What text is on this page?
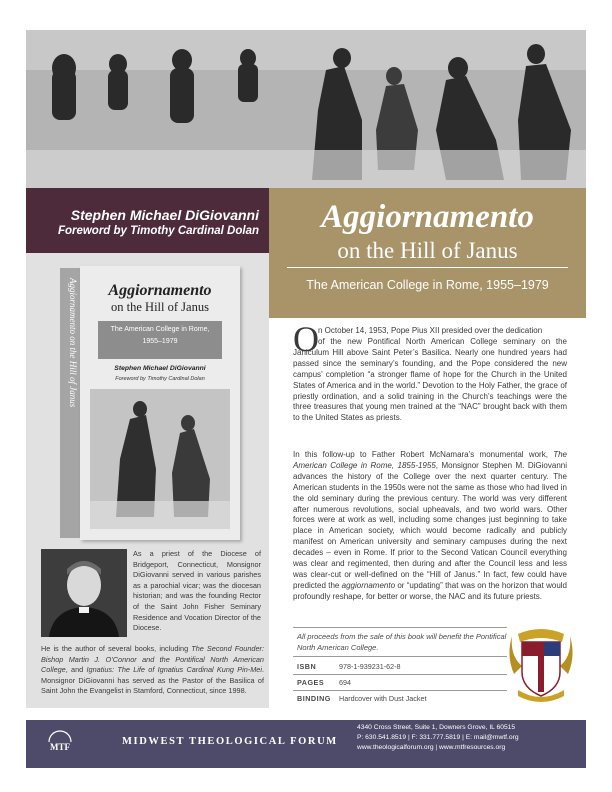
Stephen Michael DiGiovanni
Foreword by Timothy Cardinal Dolan	Aggiornamento
on the Hill of Janus
The American College in Rome, 1955–1979
Aggiornamento on the Hill of Janus	Aggiornamento
on the Hill of Janus
The American College in Rome,
1955–1979
Stephen Michael DiGiovanni
Foreword by Timothy Cardinal Dolan
As a priest of the Diocese of Bridgeport, Connecticut, Monsignor DiGiovanni served in various parishes as a parochial vicar; was the diocesan historian; and was the founding Rector of the Saint John Fisher Seminary Residence and Vocation Director of the Diocese.
He is the author of several books, including The Second Founder: Bishop Martin J. O’Connor and the Pontifical North American College, and Ignatius: The Life of Ignatius Cardinal Kung Pin-Mei. Monsignor DiGiovanni has served as the Pastor of the Basilica of Saint John the Evangelist in Stamford, Connecticut, since 1998.
O n October 14, 1953, Pope Pius XII presided over the dedication
of the new Pontifical North American College seminary on the Janiculum Hill above Saint Peter’s Basilica. Nearly one hundred years had passed since the seminary’s founding, and the Pope considered the new campus’ completion “a stronger flame of hope for the Church in the United States of America and in the world.” Devotion to the Holy Father, the grace of priestly ordination, and a solid training in the Church’s teachings were the three treasures that young men trained at the “NAC” brought back with them to the United States as priests.
In this follow-up to Father Robert McNamara’s monumental work, The American College in Rome, 1855-1955, Monsignor Stephen M. DiGiovanni advances the history of the College over the next quarter century. The American students in the 1950s were not the same as those who had lived in the old seminary during the previous century. The world was very different after numerous revolutions, social upheavals, and two world wars. Other forces were at work as well, including some changes just beginning to take place in American society, which would become radically and publicly manifest on American university and seminary campuses during the next decades – even in Rome. If prior to the Second Vatican Council everything was clear and regimented, then during and after the Council less and less was clear-cut or well-defined on the “Hill of Janus.” In fact, few could have predicted the aggiornamento or “updating” that was on the horizon that would profoundly reshape, for better or worse, the NAC and its future priests.
All proceeds from the sale of this book will benefit the Pontifical North American College.
ISBN	978-1-939231-62-8
PAGES 694
BINDING Hardcover with Dust Jacket
MTF	MIDWEST THEOLOGICAL FORUM
4340 Cross Street, Suite 1, Downers Grove, IL 60515
P: 630.541.8519 | F: 331.777.5819 | E: mail@mwtf.org
www.theologicalforum.org | www.mtfresources.org
